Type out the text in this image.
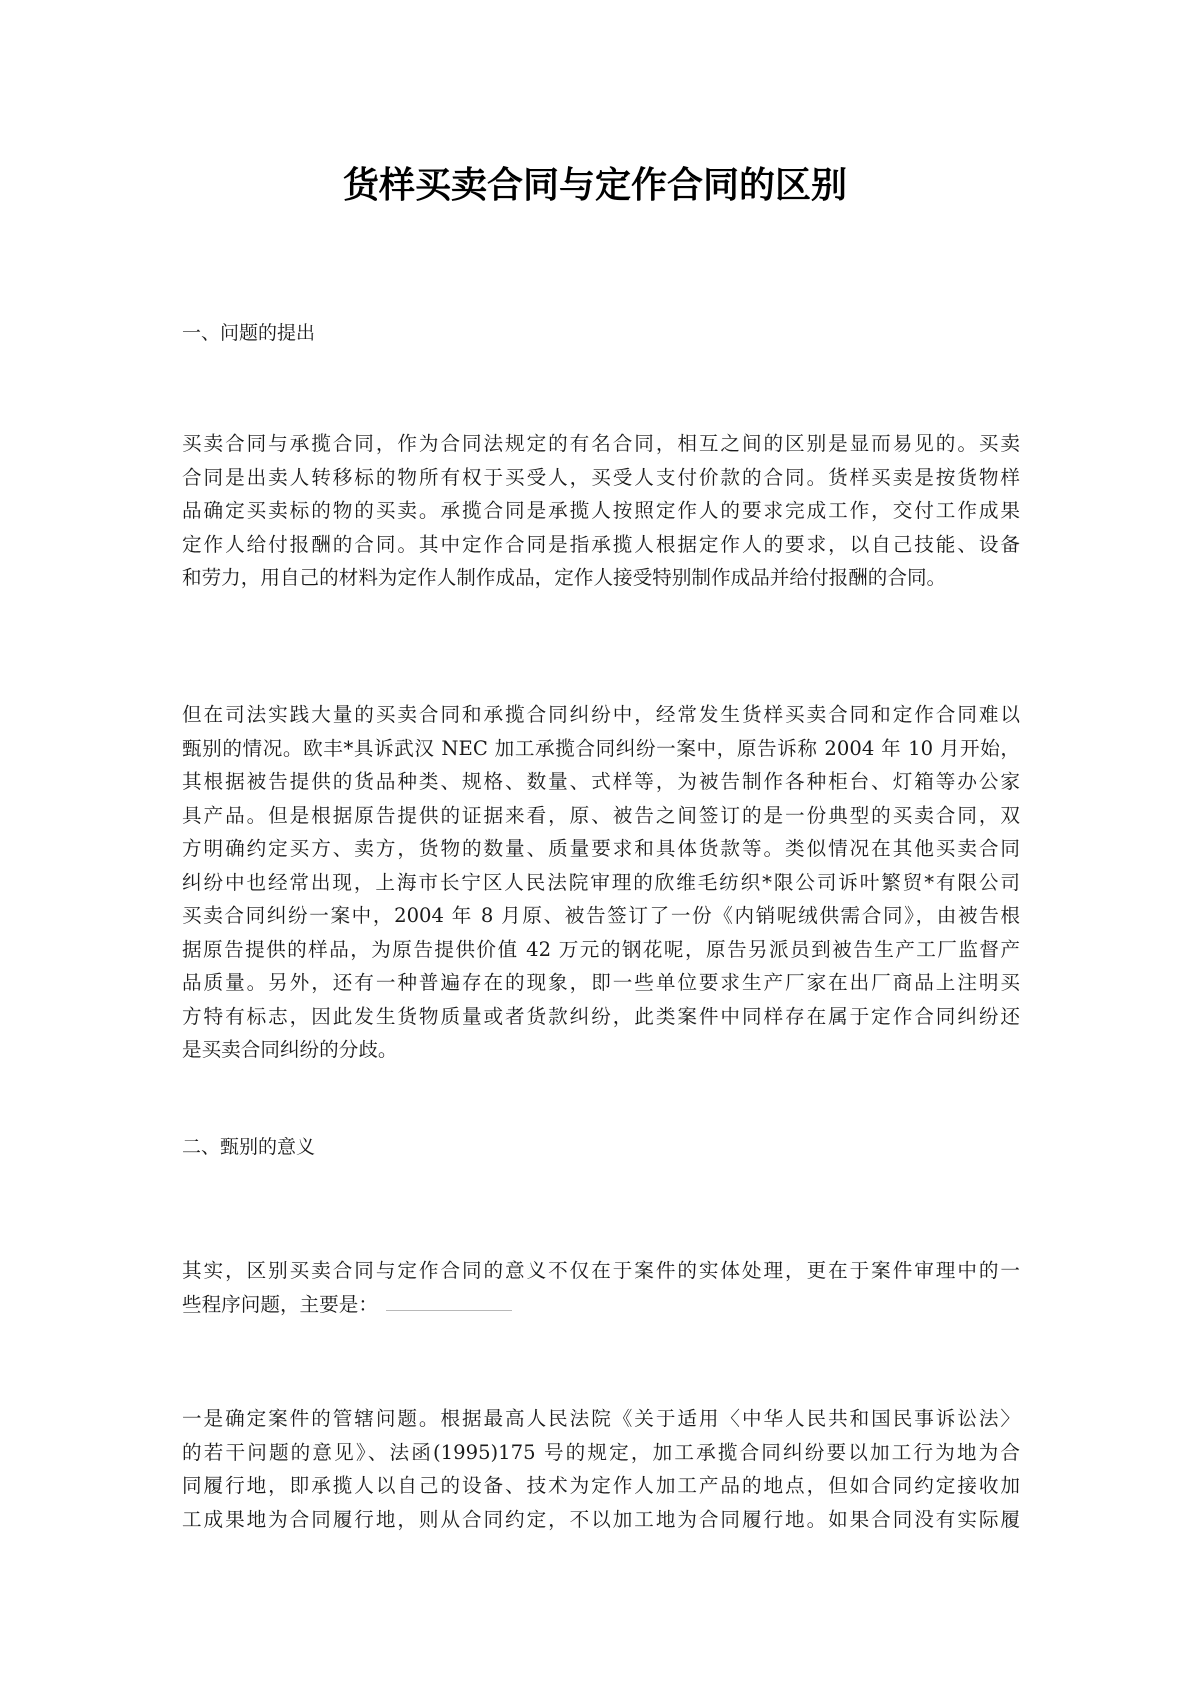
货样买卖合同与定作合同的区别
一、问题的提出
买卖合同与承揽合同，作为合同法规定的有名合同，相互之间的区别是显而易见的。买卖
合同是出卖人转移标的物所有权于买受人，买受人支付价款的合同。货样买卖是按货物样
品确定买卖标的物的买卖。承揽合同是承揽人按照定作人的要求完成工作，交付工作成果
定作人给付报酬的合同。其中定作合同是指承揽人根据定作人的要求，以自己技能、设备
和劳力，用自己的材料为定作人制作成品，定作人接受特别制作成品并给付报酬的合同。
但在司法实践大量的买卖合同和承揽合同纠纷中，经常发生货样买卖合同和定作合同难以
甄别的情况。欧丰*具诉武汉 NEC 加工承揽合同纠纷一案中，原告诉称 2004 年 10 月开始，
其根据被告提供的货品种类、规格、数量、式样等，为被告制作各种柜台、灯箱等办公家
具产品。但是根据原告提供的证据来看，原、被告之间签订的是一份典型的买卖合同，双
方明确约定买方、卖方，货物的数量、质量要求和具体货款等。类似情况在其他买卖合同
纠纷中也经常出现，上海市长宁区人民法院审理的欣维毛纺织*限公司诉叶繁贸*有限公司
买卖合同纠纷一案中，2004 年 8 月原、被告签订了一份《内销呢绒供需合同》，由被告根
据原告提供的样品，为原告提供价值 42 万元的钢花呢，原告另派员到被告生产工厂监督产
品质量。另外，还有一种普遍存在的现象，即一些单位要求生产厂家在出厂商品上注明买
方特有标志，因此发生货物质量或者货款纠纷，此类案件中同样存在属于定作合同纠纷还
是买卖合同纠纷的分歧。
二、甄别的意义
其实，区别买卖合同与定作合同的意义不仅在于案件的实体处理，更在于案件审理中的一
些程序问题，主要是：
一是确定案件的管辖问题。根据最高人民法院《关于适用〈中华人民共和国民事诉讼法〉
的若干问题的意见》、法函(1995)175 号的规定，加工承揽合同纠纷要以加工行为地为合
同履行地，即承揽人以自己的设备、技术为定作人加工产品的地点，但如合同约定接收加
工成果地为合同履行地，则从合同约定，不以加工地为合同履行地。如果合同没有实际履
